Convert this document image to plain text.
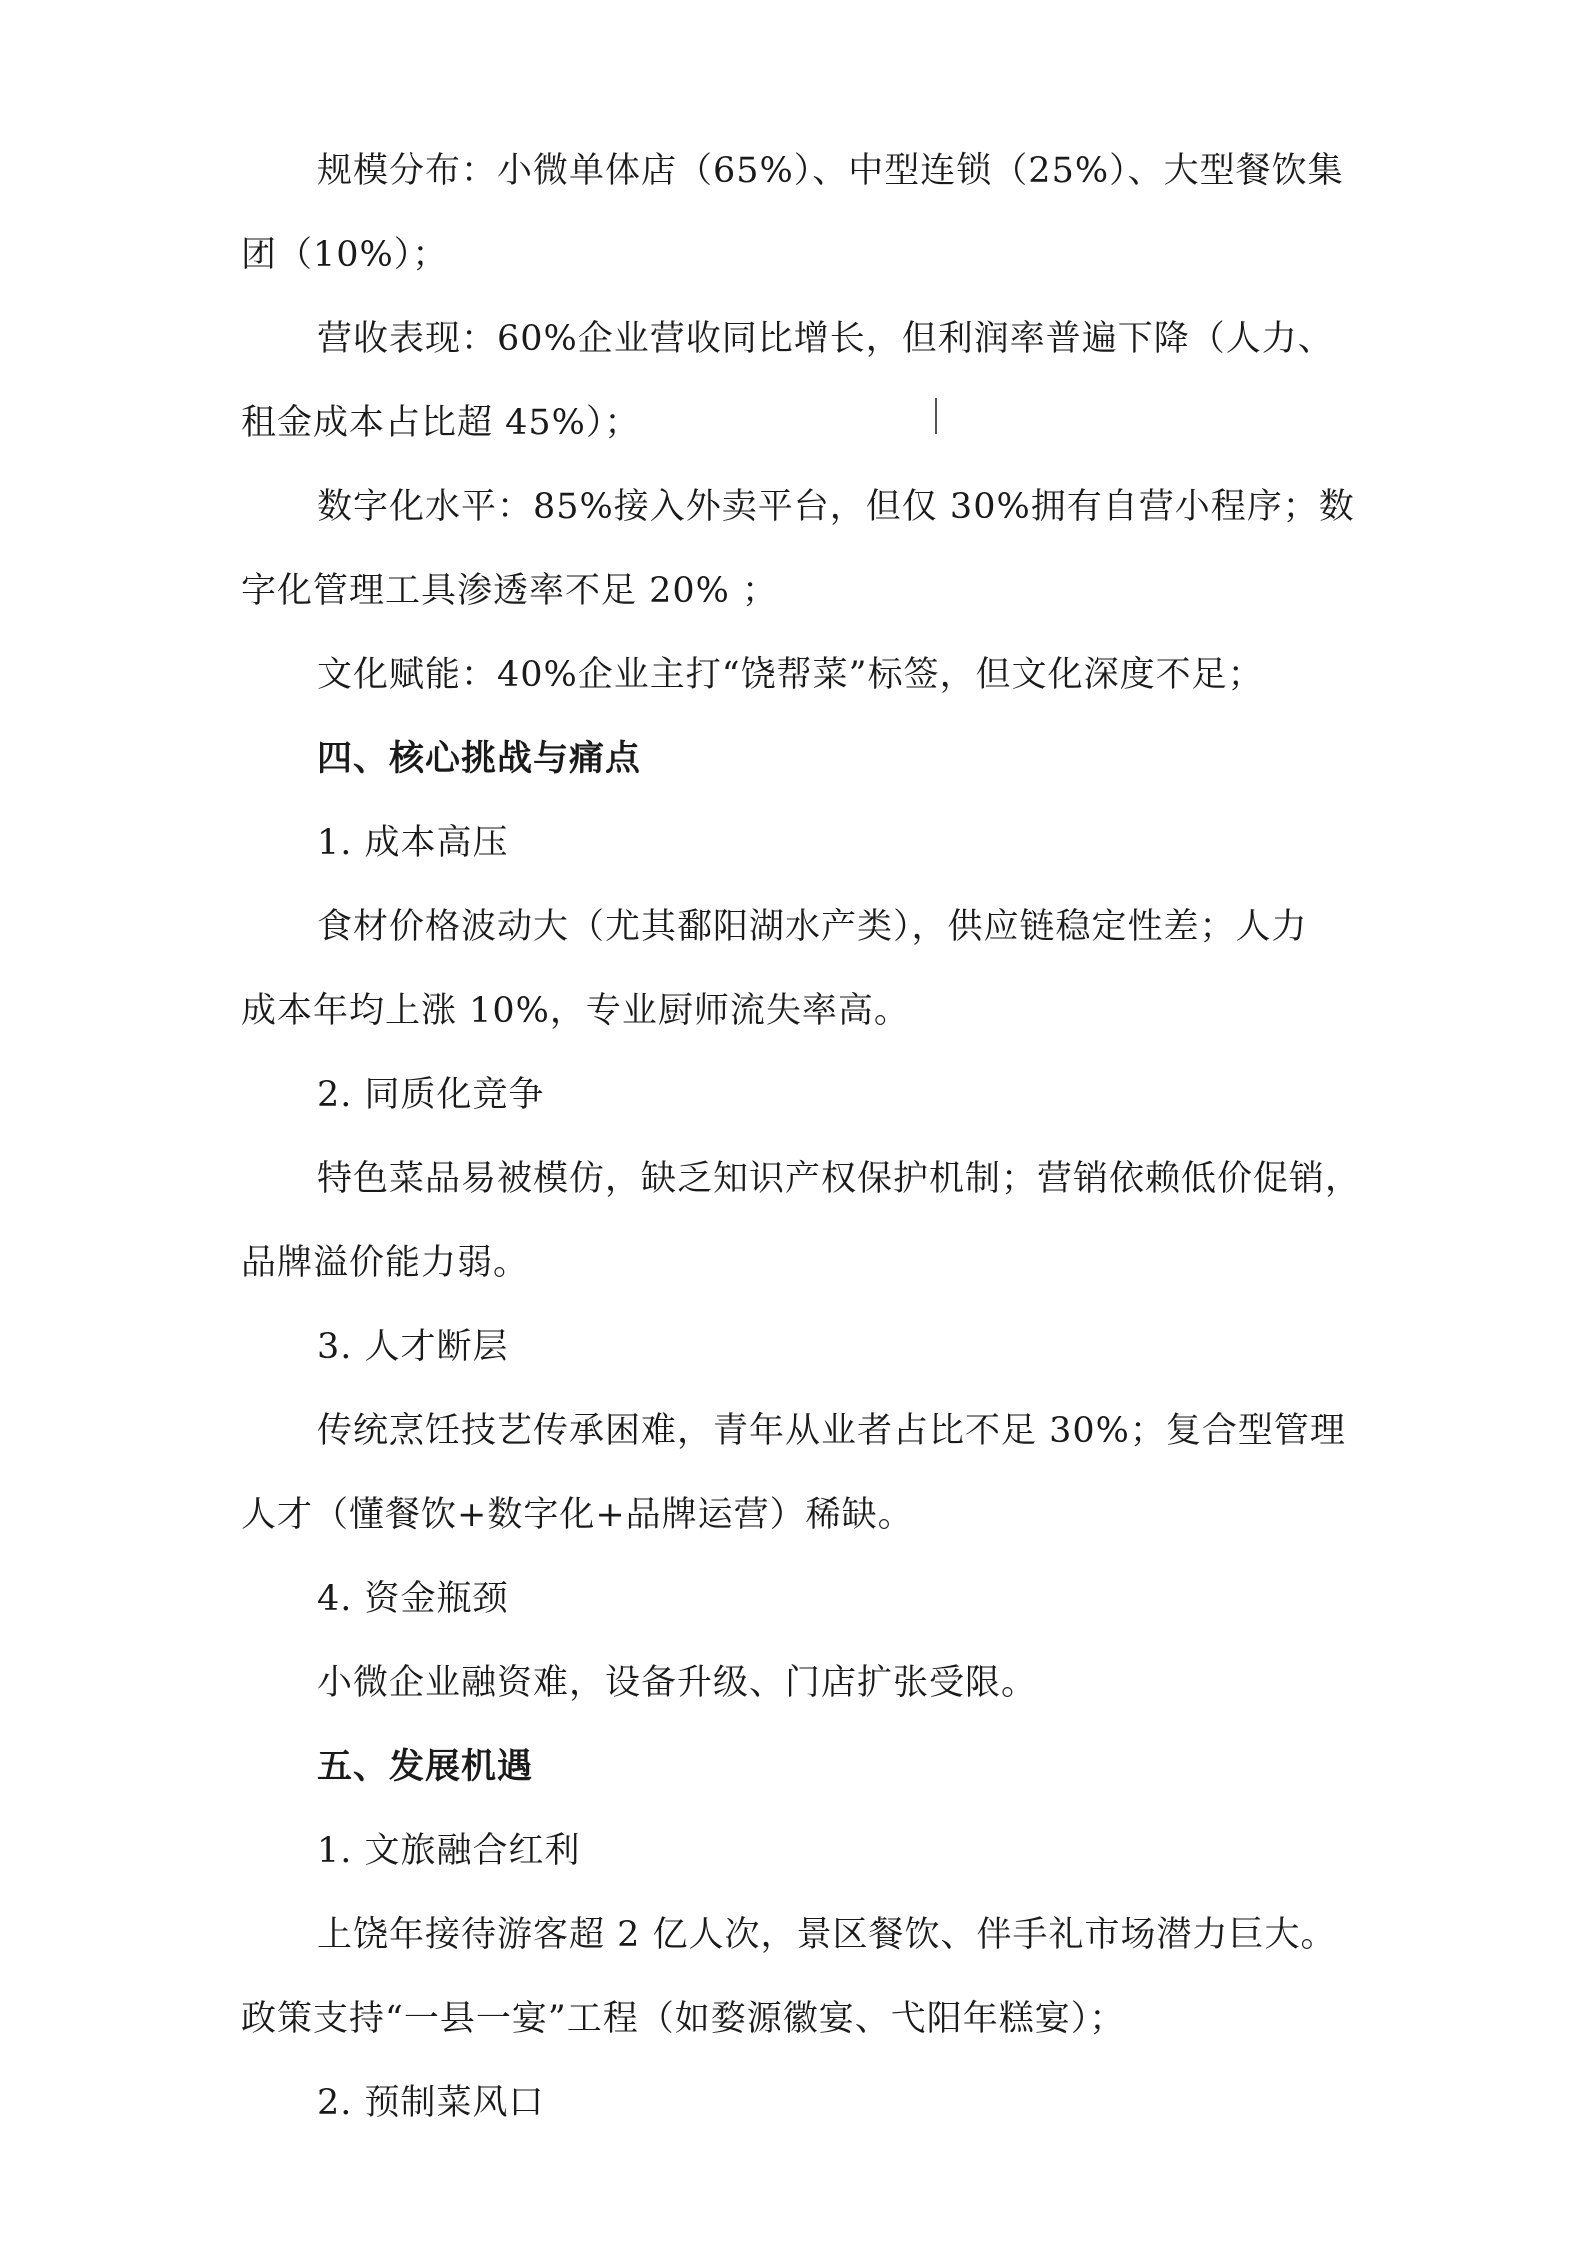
规模分布：小微单体店（65%）、中型连锁（25%）、大型餐饮集
团（10%）；
营收表现：60%企业营收同比增长，但利润率普遍下降（人力、
租金成本占比超 45%）；
数字化水平：85%接入外卖平台，但仅 30%拥有自营小程序；数
字化管理工具渗透率不足 20% ；
文化赋能：40%企业主打“饶帮菜”标签，但文化深度不足；
四、核心挑战与痛点
1. 成本高压
食材价格波动大（尤其鄱阳湖水产类），供应链稳定性差；人力
成本年均上涨 10%，专业厨师流失率高。
2. 同质化竞争
特色菜品易被模仿，缺乏知识产权保护机制；营销依赖低价促销，
品牌溢价能力弱。
3. 人才断层
传统烹饪技艺传承困难，青年从业者占比不足 30%；复合型管理
人才（懂餐饮+数字化+品牌运营）稀缺。
4. 资金瓶颈
小微企业融资难，设备升级、门店扩张受限。
五、发展机遇
1. 文旅融合红利
上饶年接待游客超 2 亿人次，景区餐饮、伴手礼市场潜力巨大。
政策支持“一县一宴”工程（如婺源徽宴、弋阳年糕宴）；
2. 预制菜风口
